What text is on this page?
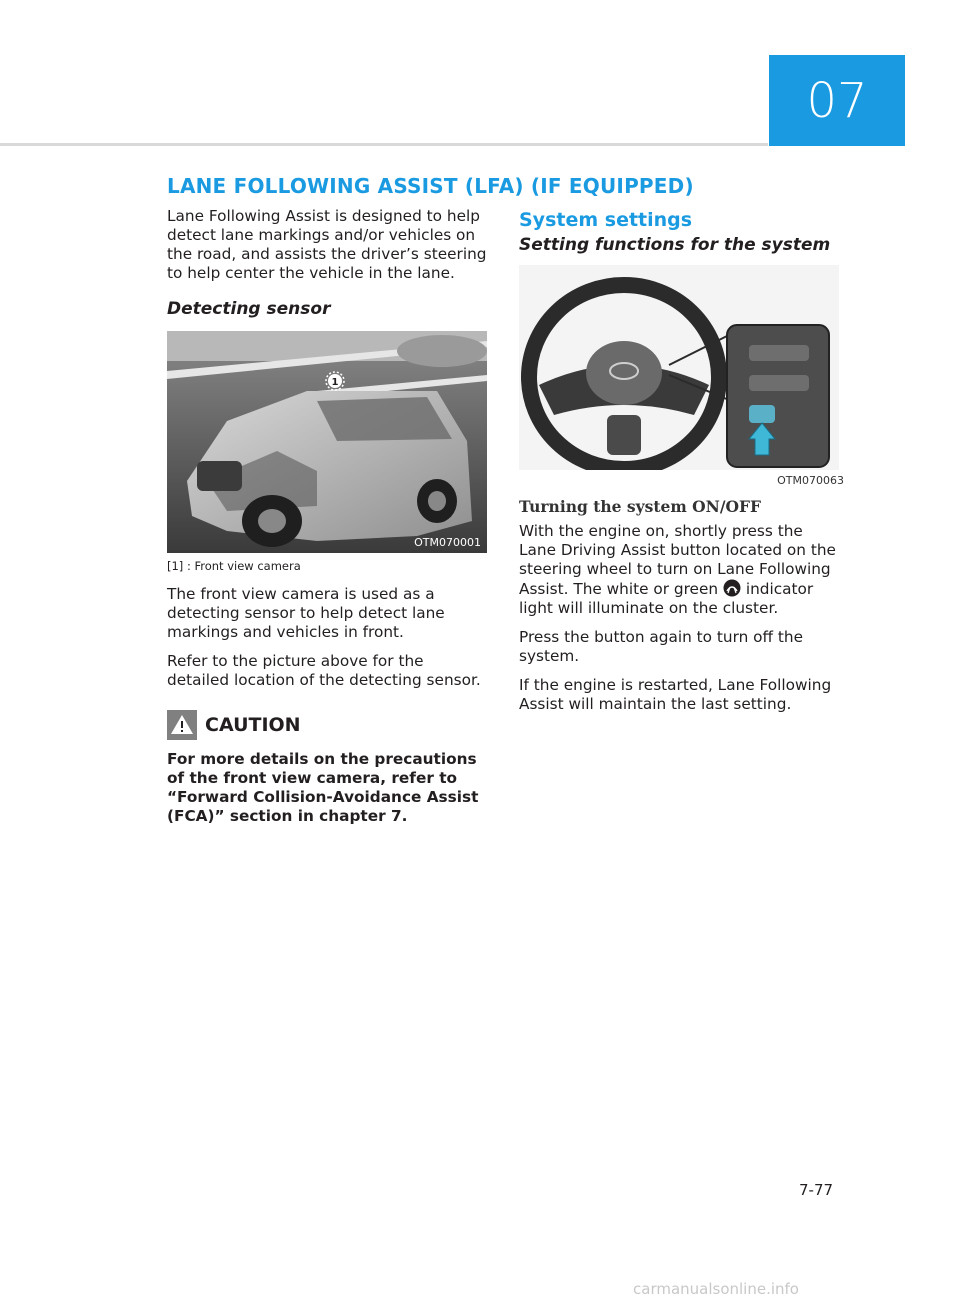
07
LANE FOLLOWING ASSIST (LFA) (IF EQUIPPED)

Lane Following Assist is designed to help detect lane markings and/or vehicles on the road, and assists the driver’s steering to help center the vehicle in the lane.

Detecting sensor
1
OTM070001
[1] : Front view camera

The front view camera is used as a detecting sensor to help detect lane markings and vehicles in front.

Refer to the picture above for the detailed location of the detecting sensor.

CAUTION

For more details on the precautions of the front view camera, refer to “Forward Collision-Avoidance Assist (FCA)” section in chapter 7.

System settings
Setting functions for the system

OTM070063

Turning the system ON/OFF

With the engine on, shortly press the Lane Driving Assist button located on the steering wheel to turn on Lane Following Assist. The white or green indicator light will illuminate on the cluster.

Press the button again to turn off the system.

If the engine is restarted, Lane Following Assist will maintain the last setting.

7-77
carmanualsonline.info
